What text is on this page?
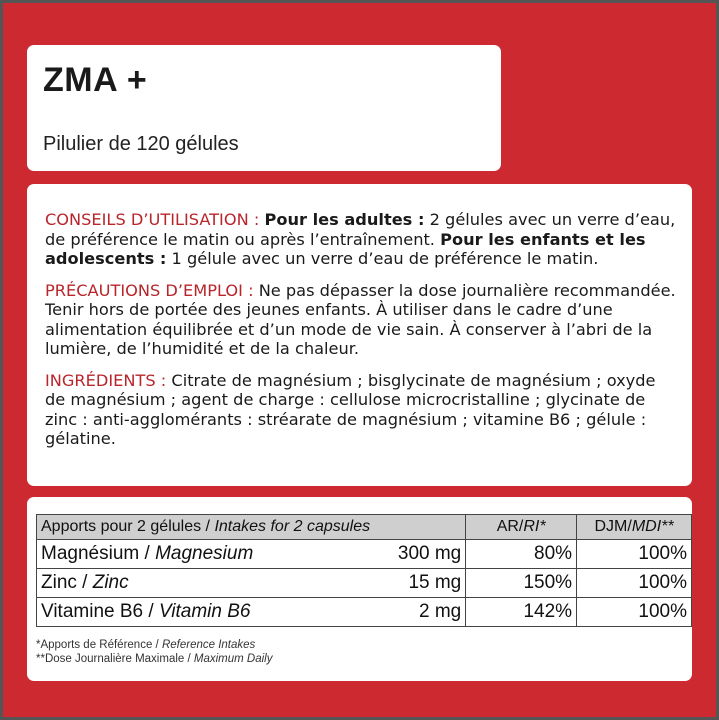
ZMA +
Pilulier de 120 gélules

CONSEILS D’UTILISATION : Pour les adultes : 2 gélules avec un verre d’eau, de préférence le matin ou après l’entraînement. Pour les enfants et les adolescents : 1 gélule avec un verre d’eau de préférence le matin.

PRÉCAUTIONS D’EMPLOI : Ne pas dépasser la dose journalière recommandée. Tenir hors de portée des jeunes enfants. À utiliser dans le cadre d’une alimentation équilibrée et d’un mode de vie sain. À conserver à l’abri de la lumière, de l’humidité et de la chaleur.

INGRÉDIENTS : Citrate de magnésium ; bisglycinate de magnésium ; oxyde de magnésium ; agent de charge : cellulose microcristalline ; glycinate de zinc : anti-agglomérants : stréarate de magnésium ; vitamine B6 ; gélule : gélatine.

Apports pour 2 gélules / Intakes for 2 capsules		AR/RI*	DJM/MDI**
Magnésium / Magnesium	300 mg	80%	100%
Zinc / Zinc	15 mg	150%	100%
Vitamine B6 / Vitamin B6	2 mg	142%	100%
*Apports de Référence / Reference Intakes
**Dose Journalière Maximale / Maximum Daily
